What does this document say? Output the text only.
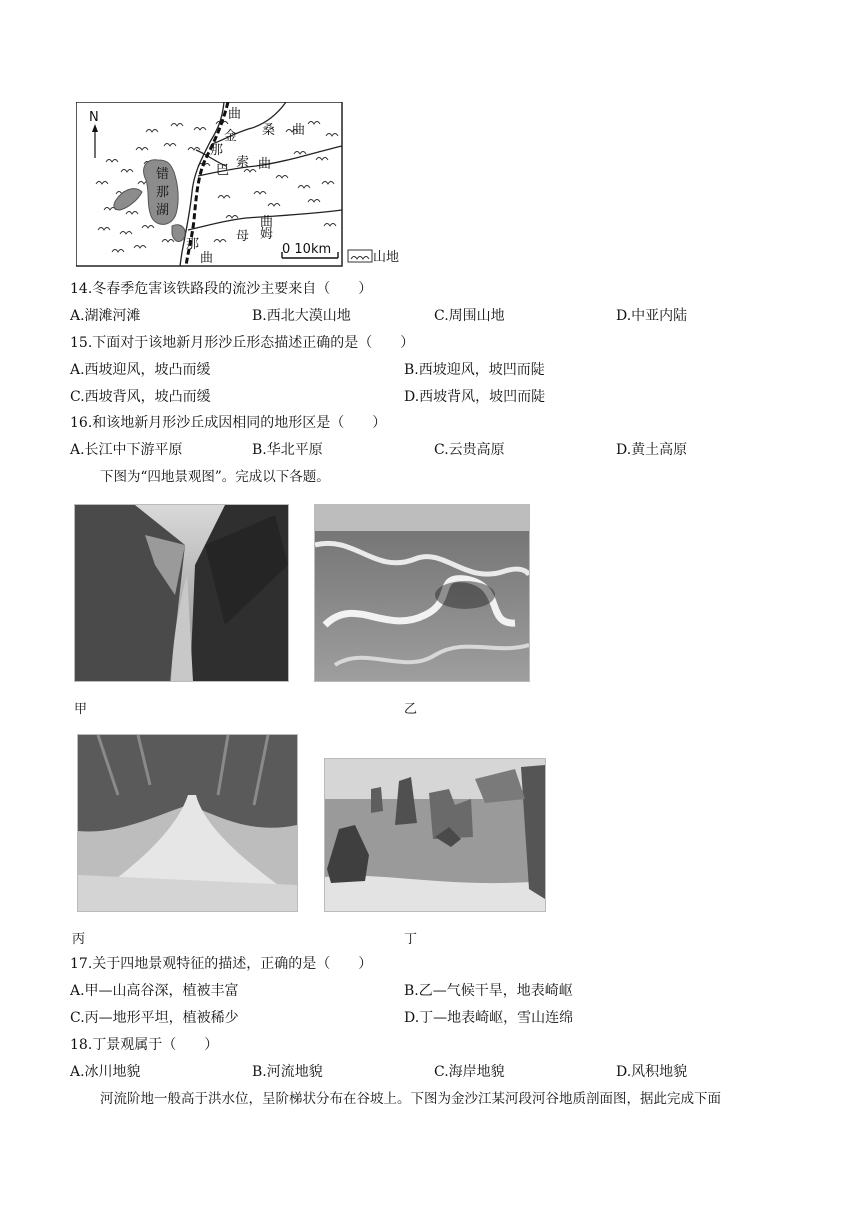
N
错
那
湖
曲
金 桑 曲
那
巴
索 曲
母 姆
曲
那
曲
0 10km
山地
14.冬春季危害该铁路段的流沙主要来自（　　）
A.湖滩河滩	B.西北大漠山地	C.周围山地	D.中亚内陆
15.下面对于该地新月形沙丘形态描述正确的是（　　）
A.西坡迎风，坡凸而缓	B.西坡迎风，坡凹而陡
C.西坡背风，坡凸而缓	D.西坡背风，坡凹而陡
16.和该地新月形沙丘成因相同的地形区是（　　）
A.长江中下游平原	B.华北平原	C.云贵高原	D.黄土高原
下图为“四地景观图”。完成以下各题。
甲	乙
丙	丁
17.关于四地景观特征的描述，正确的是（　　）
A.甲—山高谷深，植被丰富	B.乙—气候干旱，地表崎岖
C.丙—地形平坦，植被稀少	D.丁—地表崎岖，雪山连绵
18.丁景观属于（　　）
A.冰川地貌	B.河流地貌	C.海岸地貌	D.风积地貌
河流阶地一般高于洪水位，呈阶梯状分布在谷坡上。下图为金沙江某河段河谷地质剖面图，据此完成下面
